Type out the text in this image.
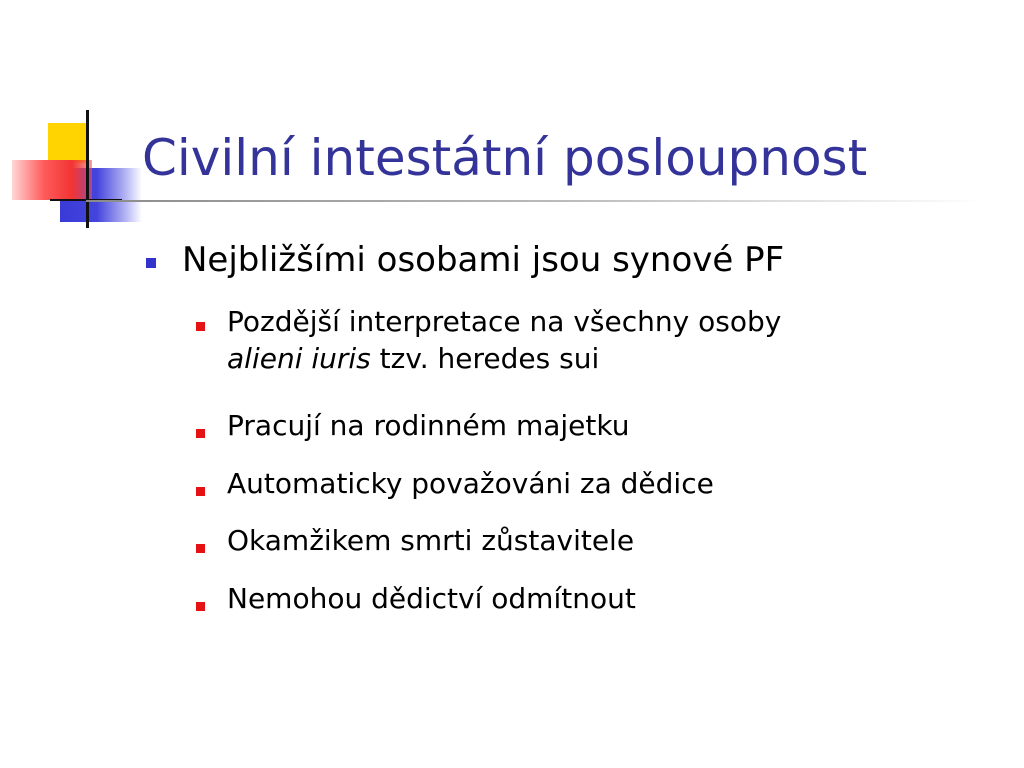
Civilní intestátní posloupnost

Nejbližšími osobami jsou synové PF

Pozdější interpretace na všechny osoby
alieni iuris tzv. heredes sui

Pracují na rodinném majetku

Automaticky považováni za dědice

Okamžikem smrti zůstavitele

Nemohou dědictví odmítnout
